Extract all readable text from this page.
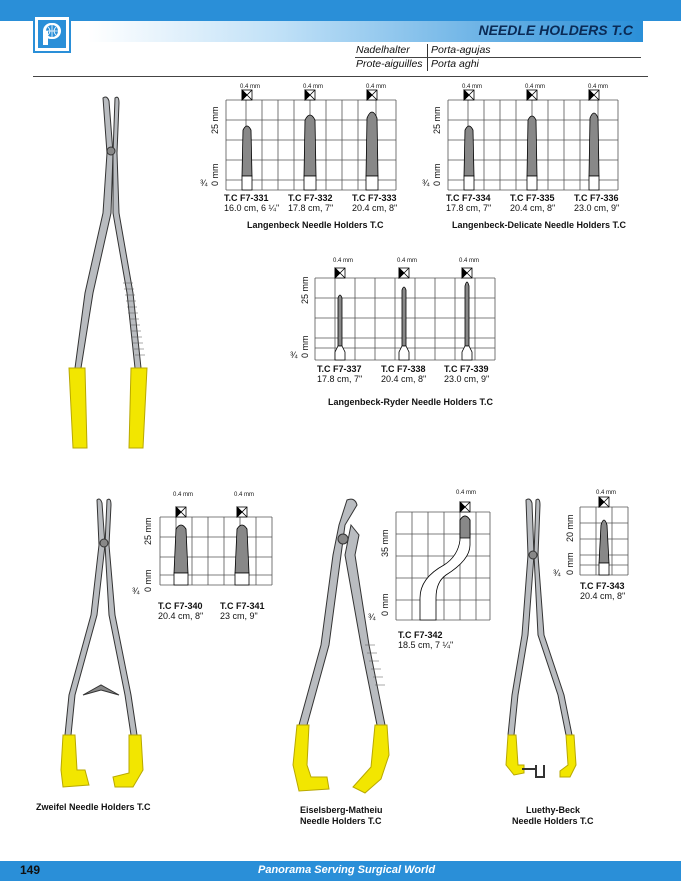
NEEDLE HOLDERS T.C
Nadelhalter Porta-agujas
Prote-aiguilles Porta aghi
0.4 mm	0.4 mm	0.4 mm
25 mm
0 mm
¾
T.C F7-331
16.0 cm, 6 ¼"
T.C F7-332
17.8 cm, 7"
T.C F7-333
20.4 cm, 8"
Langenbeck Needle Holders T.C
0.4 mm	0.4 mm	0.4 mm
25 mm
0 mm
¾
T.C F7-334
17.8 cm, 7"
T.C F7-335
20.4 cm, 8"
T.C F7-336
23.0 cm, 9"
Langenbeck-Delicate Needle Holders T.C
0.4 mm	0.4 mm	0.4 mm
25 mm
0 mm
¾
T.C F7-337
17.8 cm, 7"
T.C F7-338
20.4 cm, 8"
T.C F7-339
23.0 cm, 9"
Langenbeck-Ryder Needle Holders T.C
0.4 mm	0.4 mm
25 mm
0 mm
¾
T.C F7-340
20.4 cm, 8"
T.C F7-341
23 cm, 9"
Zweifel Needle Holders T.C
0.4 mm
35 mm
0 mm
¾
T.C F7-342
18.5 cm, 7 ¼"
Eiselsberg-Matheiu
Needle Holders T.C
0.4 mm
20 mm
0 mm
¾
T.C F7-343
20.4 cm, 8"
Luethy-Beck
Needle Holders T.C
149	Panorama Serving Surgical World
